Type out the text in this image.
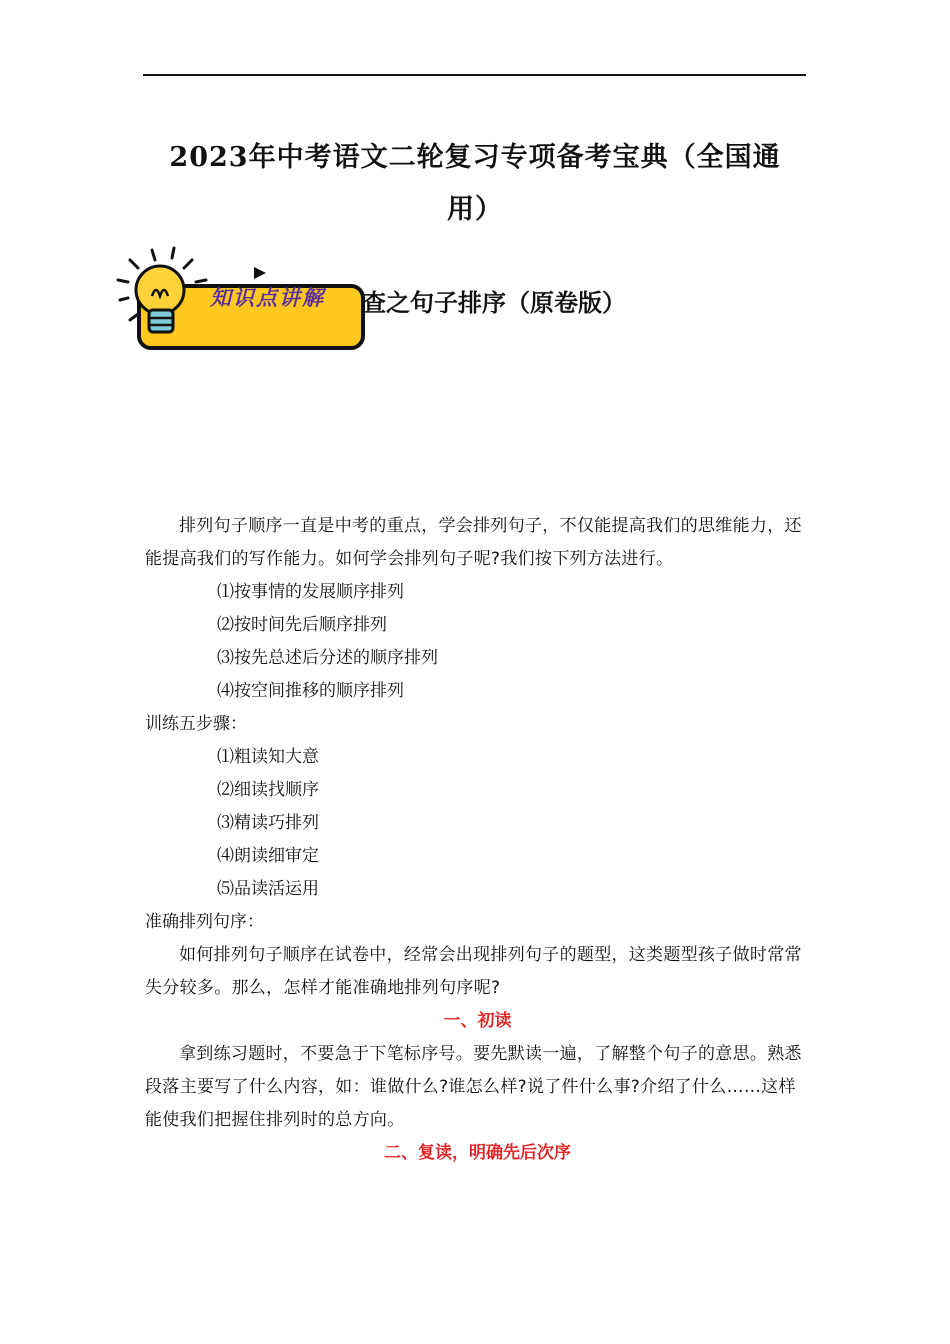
2023年中考语文二轮复习专项备考宝典（全国通
用）
知识点讲解 查之句子排序（原卷版）
排列句子顺序一直是中考的重点，学会排列句子，不仅能提高我们的思维能力，还能提高我们的写作能力。如何学会排列句子呢?我们按下列方法进行。
⑴按事情的发展顺序排列
⑵按时间先后顺序排列
⑶按先总述后分述的顺序排列
⑷按空间推移的顺序排列
训练五步骤：
⑴粗读知大意
⑵细读找顺序
⑶精读巧排列
⑷朗读细审定
⑸品读活运用
准确排列句序：
如何排列句子顺序在试卷中，经常会出现排列句子的题型，这类题型孩子做时常常失分较多。那么，怎样才能准确地排列句序呢?
一、初读
拿到练习题时，不要急于下笔标序号。要先默读一遍，了解整个句子的意思。熟悉段落主要写了什么内容，如：谁做什么?谁怎么样?说了件什么事?介绍了什么……这样能使我们把握住排列时的总方向。
二、复读，明确先后次序
